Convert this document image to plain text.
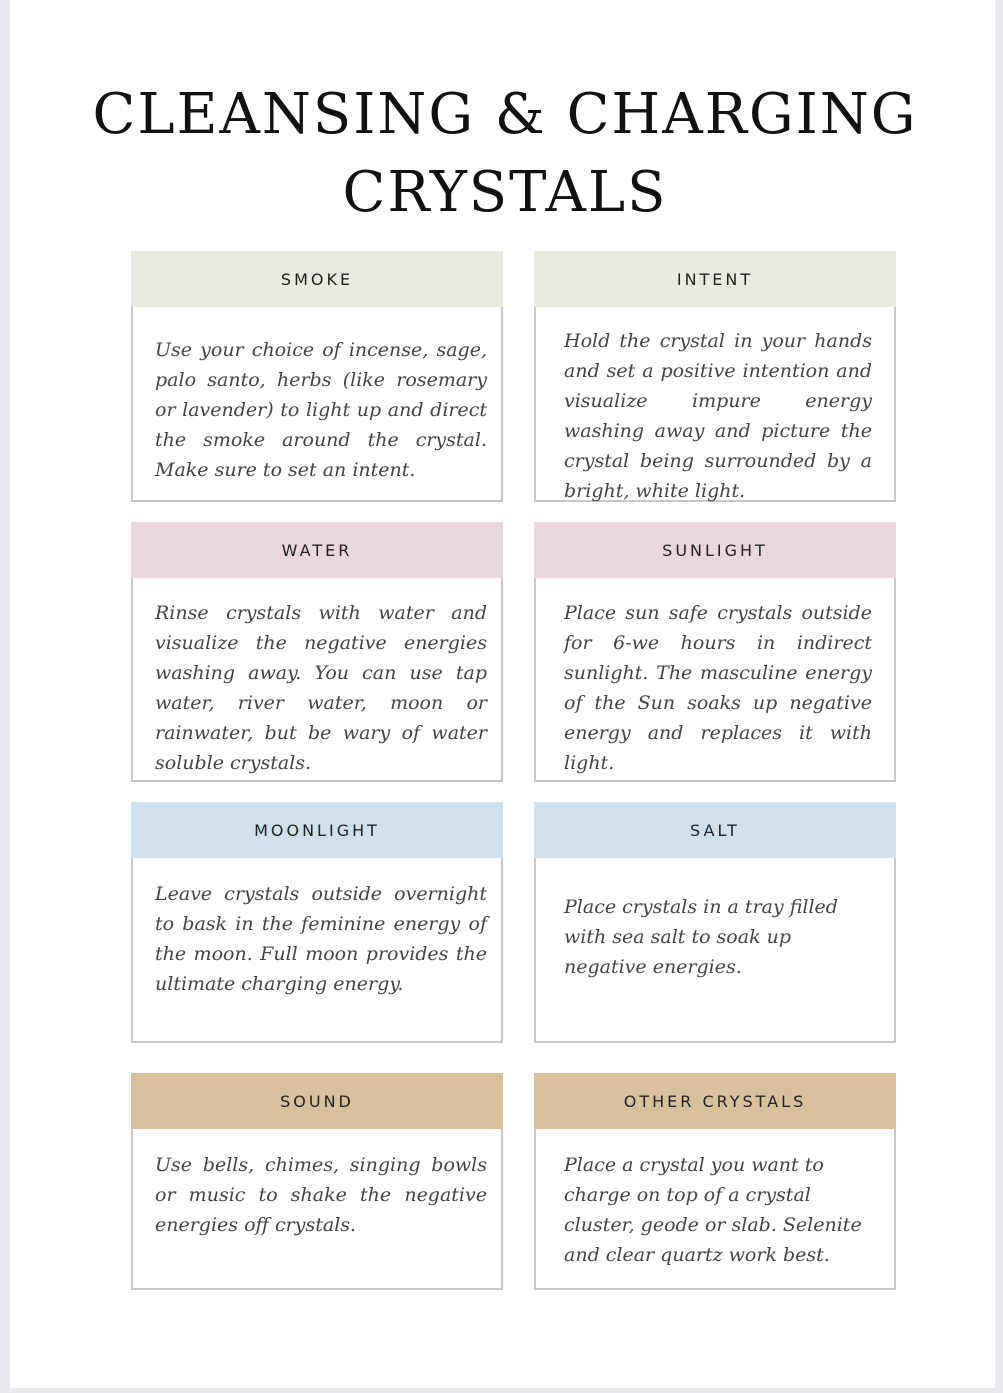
CLEANSING & CHARGING
CRYSTALS
SMOKE
Use your choice of incense, sage, palo santo, herbs (like rosemary or lavender) to light up and direct the smoke around the crystal. Make sure to set an intent.
INTENT
Hold the crystal in your hands and set a positive intention and visualize impure energy washing away and picture the crystal being surrounded by a bright, white light.
WATER
Rinse crystals with water and visualize the negative energies washing away. You can use tap water, river water, moon or rainwater, but be wary of water soluble crystals.
SUNLIGHT
Place sun safe crystals outside for 6-we hours in indirect sunlight. The masculine energy of the Sun soaks up negative energy and replaces it with light.
MOONLIGHT
Leave crystals outside overnight to bask in the feminine energy of the moon. Full moon provides the ultimate charging energy.
SALT
Place crystals in a tray filled with sea salt to soak up negative energies.
SOUND
Use bells, chimes, singing bowls or music to shake the negative energies off crystals.
OTHER CRYSTALS
Place a crystal you want to charge on top of a crystal cluster, geode or slab. Selenite and clear quartz work best.
